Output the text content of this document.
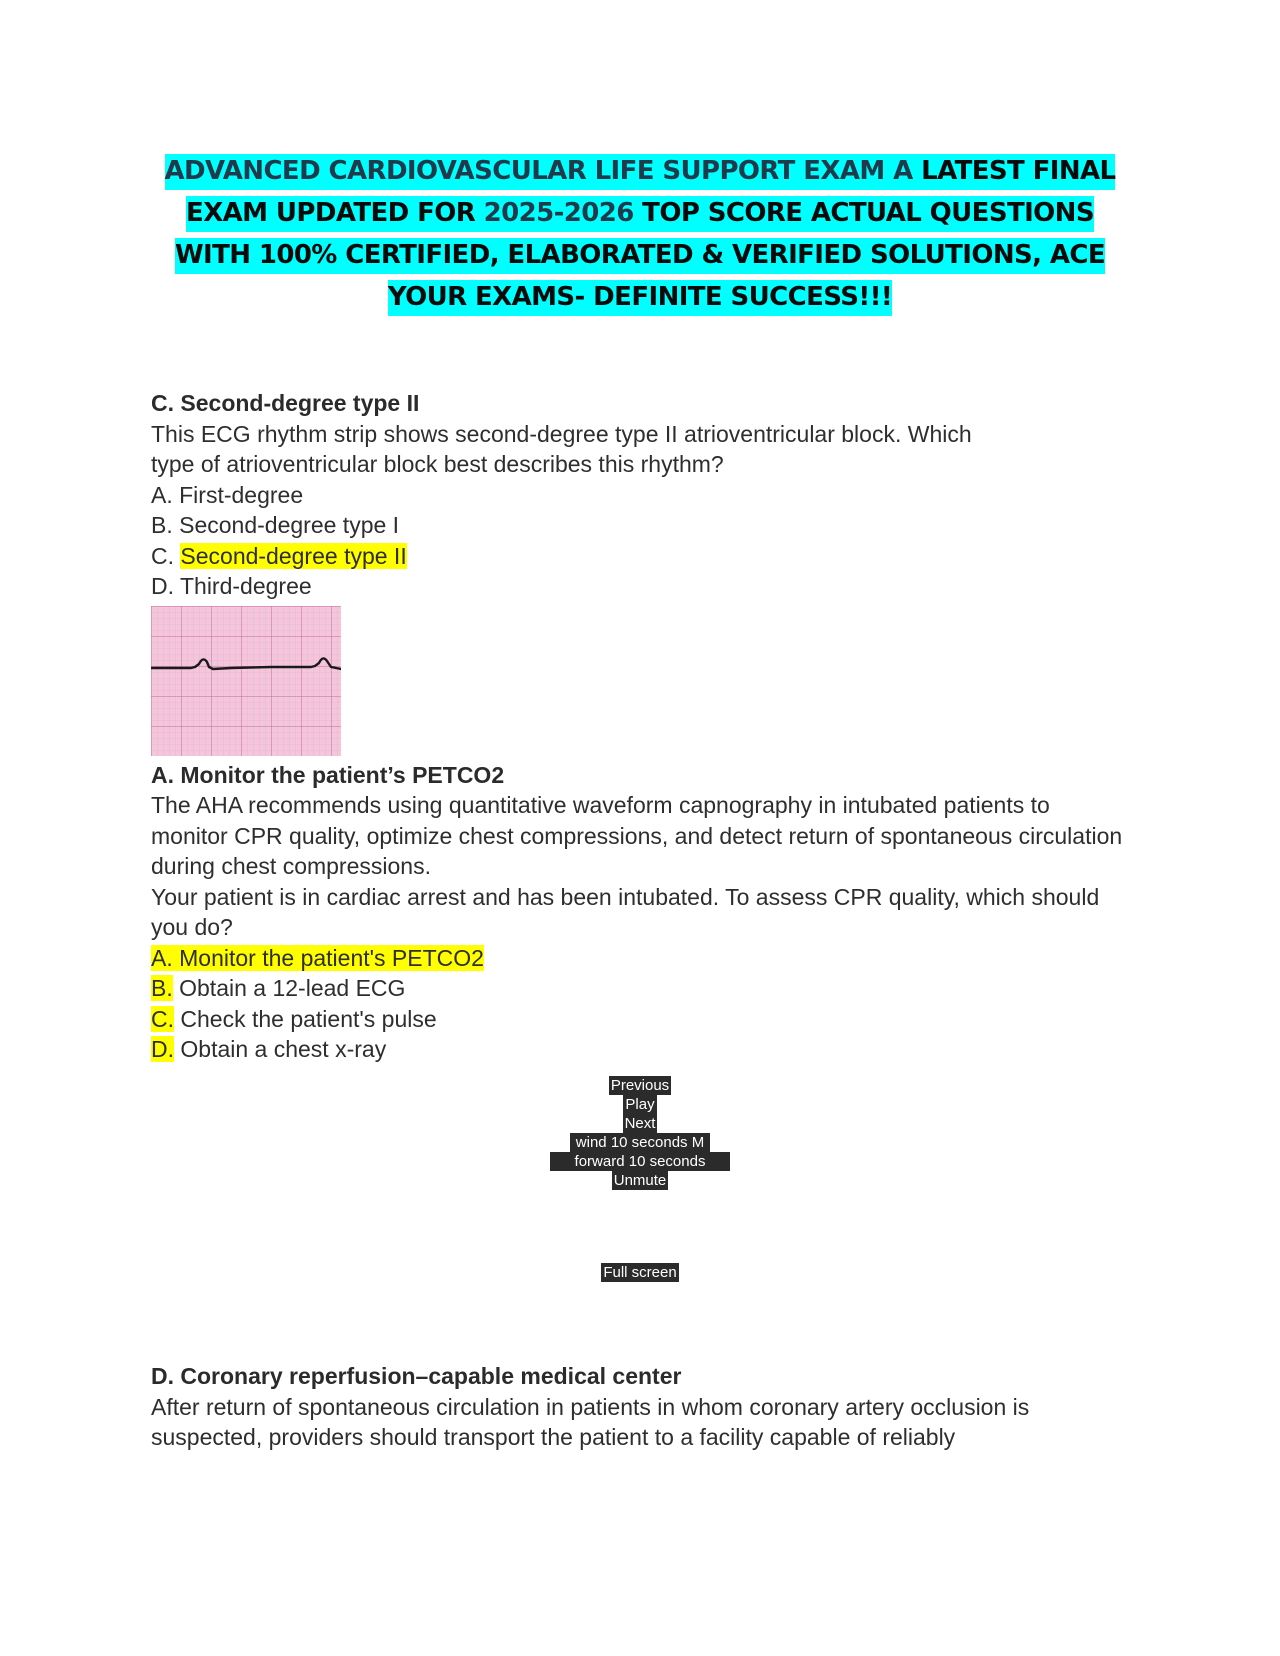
ADVANCED CARDIOVASCULAR LIFE SUPPORT EXAM A LATEST FINAL EXAM UPDATED FOR 2025-2026 TOP SCORE ACTUAL QUESTIONS WITH 100% CERTIFIED, ELABORATED & VERIFIED SOLUTIONS, ACE YOUR EXAMS- DEFINITE SUCCESS!!!

C. Second-degree type II

This ECG rhythm strip shows second-degree type II atrioventricular block. Which type of atrioventricular block best describes this rhythm?

A. First-degree

B. Second-degree type I

C. Second-degree type II

D. Third-degree

A. Monitor the patient’s PETCO2

The AHA recommends using quantitative waveform capnography in intubated patients to monitor CPR quality, optimize chest compressions, and detect return of spontaneous circulation during chest compressions.

Your patient is in cardiac arrest and has been intubated. To assess CPR quality, which should you do?

A. Monitor the patient's PETCO2

B. Obtain a 12-lead ECG

C. Check the patient's pulse

D. Obtain a chest x-ray

Previous
Play
Next
wind 10 seconds M
forward 10 seconds
Unmute
Full screen

D. Coronary reperfusion–capable medical center

After return of spontaneous circulation in patients in whom coronary artery occlusion is suspected, providers should transport the patient to a facility capable of reliably
